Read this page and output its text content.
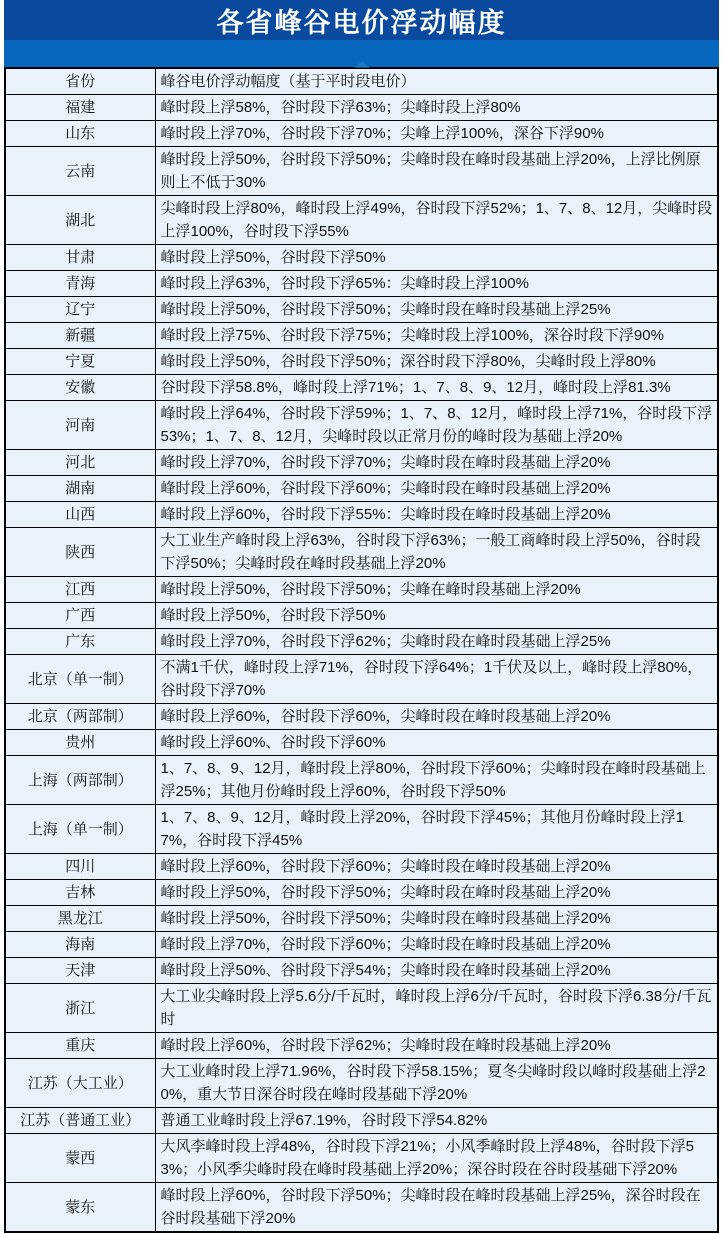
各省峰谷电价浮动幅度
省份	峰谷电价浮动幅度（基于平时段电价）
福建	峰时段上浮58%，谷时段下浮63%；尖峰时段上浮80%
山东	峰时段上浮70%，谷时段下浮70%；尖峰上浮100%，深谷下浮90%
云南	峰时段上浮50%，谷时段下浮50%；尖峰时段在峰时段基础上浮20%，上浮比例原则上不低于30%
湖北	尖峰时段上浮80%，峰时段上浮49%，谷时段下浮52%；1、7、8、12月，尖峰时段上浮100%，谷时段下浮55%
甘肃	峰时段上浮50%，谷时段下浮50%
青海	峰时段上浮63%，谷时段下浮65%：尖峰时段上浮100%
辽宁	峰时段上浮50%，谷时段下浮50%；尖峰时段在峰时段基础上浮25%
新疆	峰时段上浮75%、谷时段下浮75%；尖峰时段上浮100%，深谷时段下浮90%
宁夏	峰时段上浮50%，谷时段下浮50%；深谷时段下浮80%，尖峰时段上浮80%
安徽	谷时段下浮58.8%，峰时段上浮71%；1、7、8、9、12月，峰时段上浮81.3%
河南	峰时段上浮64%，谷时段下浮59%；1、7、8、12月，峰时段上浮71%，谷时段下浮53%；1、7、8、12月，尖峰时段以正常月份的峰时段为基础上浮20%
河北	峰时段上浮70%，谷时段下浮70%；尖峰时段在峰时段基础上浮20%
湖南	峰时段上浮60%，谷时段下浮60%；尖峰时段在峰时段基础上浮20%
山西	峰时段上浮60%，谷时段下浮55%：尖峰时段在峰时段基础上浮20%
陕西	大工业生产峰时段上浮63%，谷时段下浮63%；一般工商峰时段上浮50%，谷时段下浮50%；尖峰时段在峰时段基础上浮20%
江西	峰时段上浮50%，谷时段下浮50%；尖峰在峰时段基础上浮20%
广西	峰时段上浮50%，谷时段下浮50%
广东	峰时段上浮70%，谷时段下浮62%；尖峰时段在峰时段基础上浮25%
北京（单一制）	不满1千伏，峰时段上浮71%，谷时段下浮64%；1千伏及以上，峰时段上浮80%，谷时段下浮70%
北京（两部制）	峰时段上浮60%，谷时段下浮60%，尖峰时段在峰时段基础上浮20%
贵州	峰时段上浮60%、谷时段下浮60%
上海（两部制）	1、7、8、9、12月，峰时段上浮80%，谷时段下浮60%；尖峰时段在峰时段基础上浮25%；其他月份峰时段上浮60%，谷时段下浮50%
上海（单一制）	1、7、8、9、12月，峰时段上浮20%，谷时段下浮45%；其他月份峰时段上浮17%，谷时段下浮45%
四川	峰时段上浮60%，谷时段下浮60%；尖峰时段在峰时段基础上浮20%
吉林	峰时段上浮50%，谷时段下浮50%；尖峰时段在峰时段基础上浮20%
黑龙江	峰时段上浮50%，谷时段下浮50%；尖峰时段在峰时段基础上浮20%
海南	峰时段上浮70%，谷时段下浮60%；尖峰时段在峰时段基础上浮20%
天津	峰时段上浮50%、谷时段下浮54%；尖峰时段在峰时段基础上浮20%
浙江	大工业尖峰时段上浮5.6分/千瓦时，峰时段上浮6分/千瓦时，谷时段下浮6.38分/千瓦时
重庆	峰时段上浮60%，谷时段下浮62%；尖峰时段在峰时段基础上浮20%
江苏（大工业）	大工业峰时段上浮71.96%，谷时段下浮58.15%；夏冬尖峰时段以峰时段基础上浮20%，重大节日深谷时段在峰时段基础下浮20%
江苏（普通工业）	普通工业峰时段上浮67.19%，谷时段下浮54.82%
蒙西	大风李峰时段上浮48%，谷时段下浮21%；小风季峰时段上浮48%，谷时段下浮53%；小风季尖峰时段在峰时段基础上浮20%；深谷时段在谷时段基础下浮20%
蒙东	峰时段上浮60%，谷时段下浮50%；尖峰时段在峰时段基础上浮25%，深谷时段在谷时段基础下浮20%
